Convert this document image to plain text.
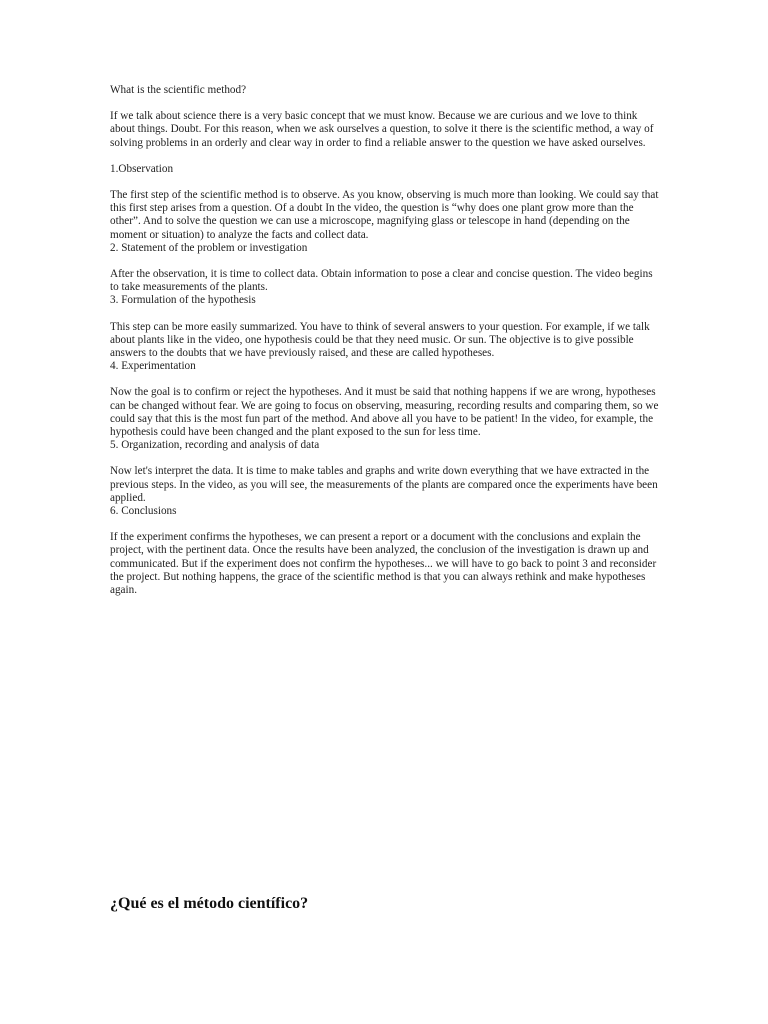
What is the scientific method?

If we talk about science there is a very basic concept that we must know. Because we are curious and we love to think about things. Doubt. For this reason, when we ask ourselves a question, to solve it there is the scientific method, a way of solving problems in an orderly and clear way in order to find a reliable answer to the question we have asked ourselves.

1.Observation

The first step of the scientific method is to observe. As you know, observing is much more than looking. We could say that this first step arises from a question. Of a doubt In the video, the question is “why does one plant grow more than the other”. And to solve the question we can use a microscope, magnifying glass or telescope in hand (depending on the moment or situation) to analyze the facts and collect data.

2. Statement of the problem or investigation

After the observation, it is time to collect data. Obtain information to pose a clear and concise question. The video begins to take measurements of the plants.

3. Formulation of the hypothesis

This step can be more easily summarized. You have to think of several answers to your question. For example, if we talk about plants like in the video, one hypothesis could be that they need music. Or sun. The objective is to give possible answers to the doubts that we have previously raised, and these are called hypotheses.

4. Experimentation

Now the goal is to confirm or reject the hypotheses. And it must be said that nothing happens if we are wrong, hypotheses can be changed without fear. We are going to focus on observing, measuring, recording results and comparing them, so we could say that this is the most fun part of the method. And above all you have to be patient! In the video, for example, the hypothesis could have been changed and the plant exposed to the sun for less time.

5. Organization, recording and analysis of data

Now let's interpret the data. It is time to make tables and graphs and write down everything that we have extracted in the previous steps. In the video, as you will see, the measurements of the plants are compared once the experiments have been applied.

6. Conclusions

If the experiment confirms the hypotheses, we can present a report or a document with the conclusions and explain the project, with the pertinent data. Once the results have been analyzed, the conclusion of the investigation is drawn up and communicated. But if the experiment does not confirm the hypotheses... we will have to go back to point 3 and reconsider the project. But nothing happens, the grace of the scientific method is that you can always rethink and make hypotheses again.

¿Qué es el método científico?
